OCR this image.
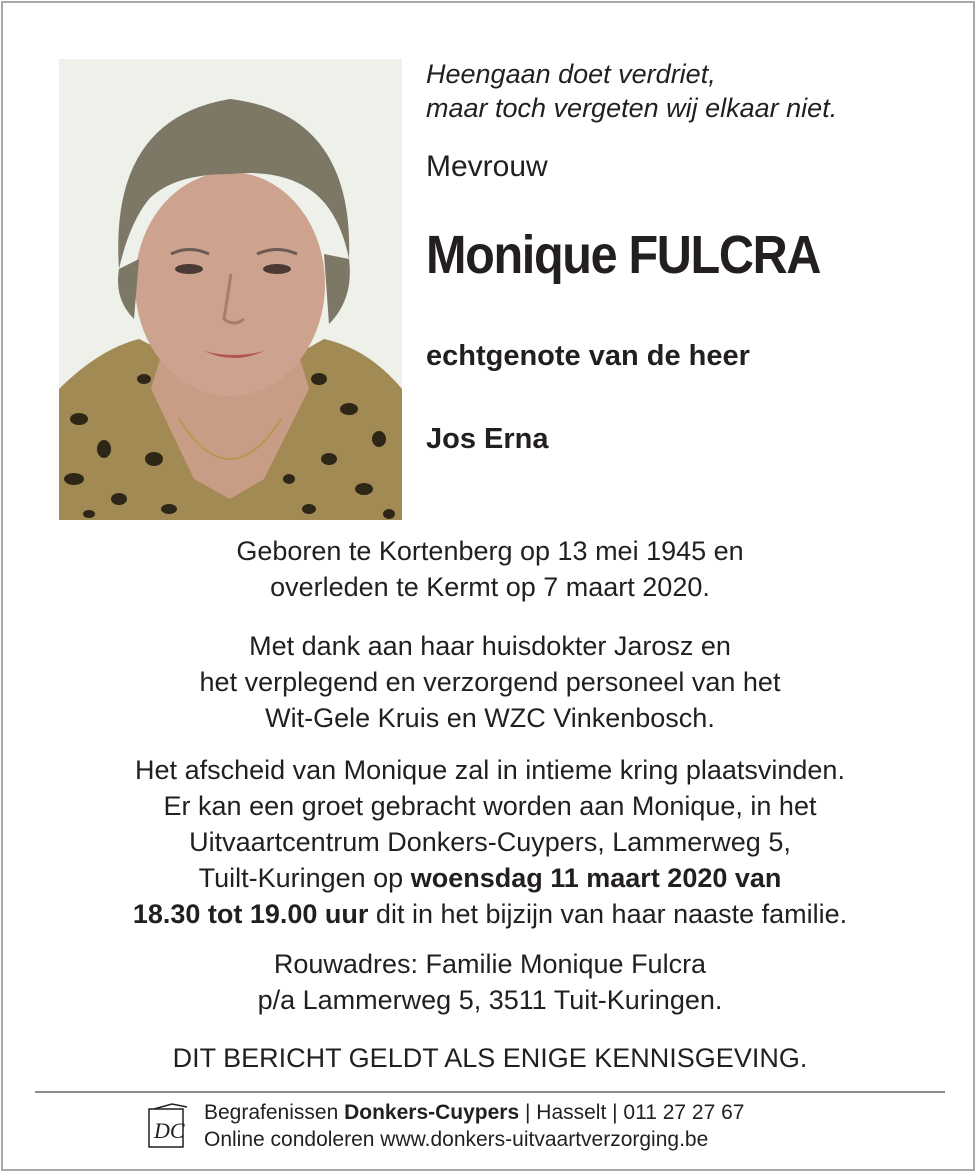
Heengaan doet verdriet,
maar toch vergeten wij elkaar niet.
Mevrouw
Monique FULCRA
echtgenote van de heer
Jos Erna
Geboren te Kortenberg op 13 mei 1945 en
overleden te Kermt op 7 maart 2020.
Met dank aan haar huisdokter Jarosz en
het verplegend en verzorgend personeel van het
Wit-Gele Kruis en WZC Vinkenbosch.
Het afscheid van Monique zal in intieme kring plaatsvinden.
Er kan een groet gebracht worden aan Monique, in het
Uitvaartcentrum Donkers-Cuypers, Lammerweg 5,
Tuilt-Kuringen op woensdag 11 maart 2020 van
18.30 tot 19.00 uur dit in het bijzijn van haar naaste familie.
Rouwadres: Familie Monique Fulcra
p/a Lammerweg 5, 3511 Tuit-Kuringen.
DIT BERICHT GELDT ALS ENIGE KENNISGEVING.
DC
Begrafenissen Donkers-Cuypers | Hasselt | 011 27 27 67
Online condoleren www.donkers-uitvaartverzorging.be
